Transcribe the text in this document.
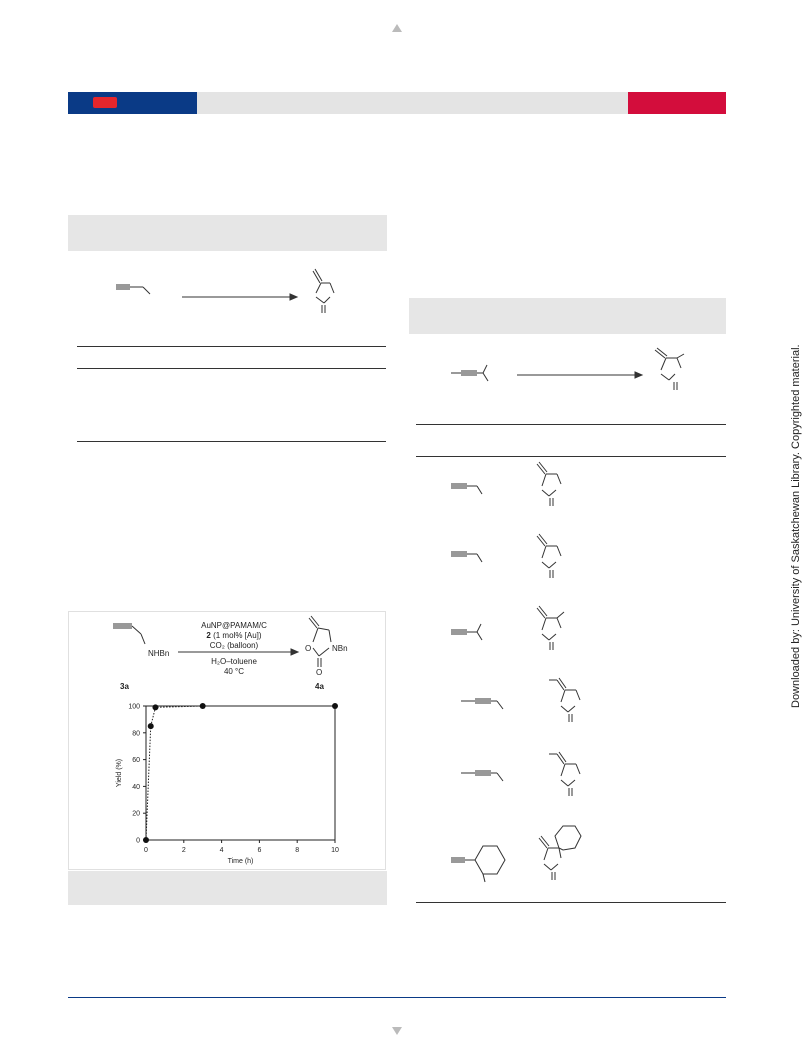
AuNP@PAMAM/C
2 (1 mol% [Au])
CO₂ (balloon)
H₂O–toluene
40 °C
NHBn
NBn
O
O
3a	4a
0	2	4	6	8	10
0
20
40
60
80
100
Time (h)
Yield (%)
Downloaded by: University of Saskatchewan Library. Copyrighted material.
